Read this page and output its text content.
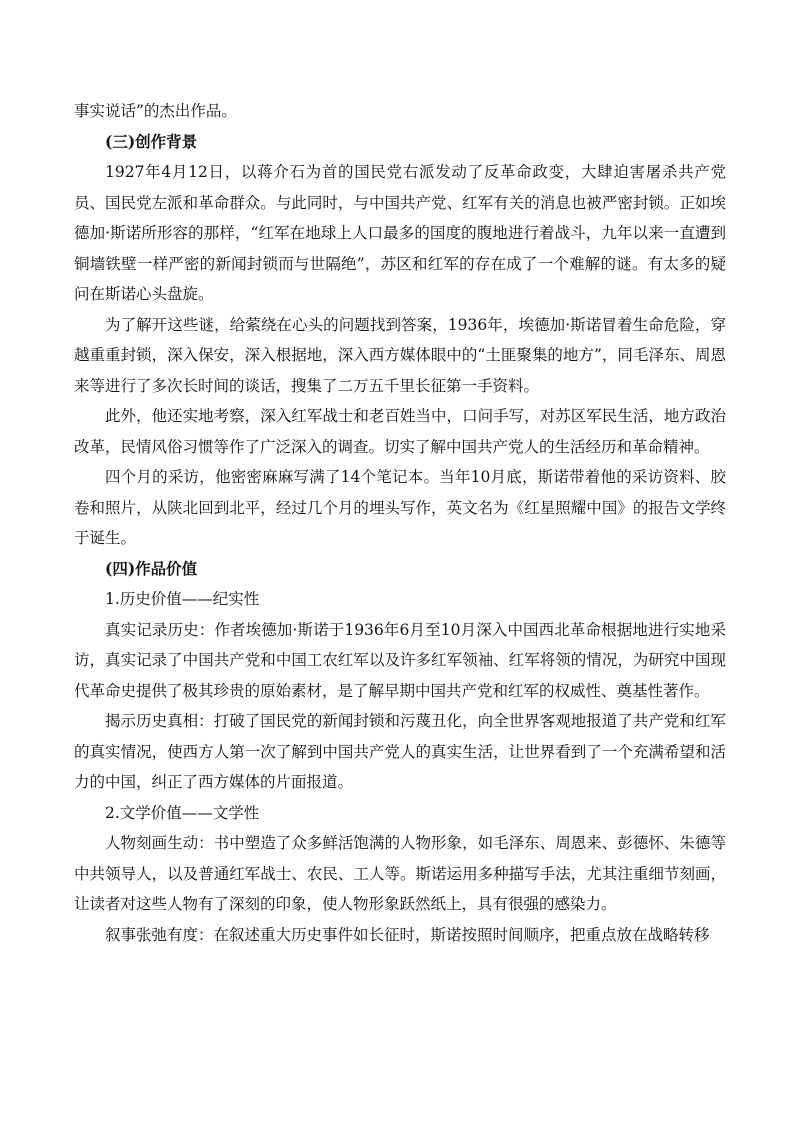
事实说话”的杰出作品。

(三)创作背景

1927年4月12日，以蒋介石为首的国民党右派发动了反革命政变，大肆迫害屠杀共产党员、国民党左派和革命群众。与此同时，与中国共产党、红军有关的消息也被严密封锁。正如埃德加·斯诺所形容的那样，“红军在地球上人口最多的国度的腹地进行着战斗，九年以来一直遭到铜墙铁壁一样严密的新闻封锁而与世隔绝”，苏区和红军的存在成了一个难解的谜。有太多的疑问在斯诺心头盘旋。

为了解开这些谜，给萦绕在心头的问题找到答案，1936年，埃德加·斯诺冒着生命危险，穿越重重封锁，深入保安，深入根据地，深入西方媒体眼中的“土匪聚集的地方”，同毛泽东、周恩来等进行了多次长时间的谈话，搜集了二万五千里长征第一手资料。

此外，他还实地考察，深入红军战士和老百姓当中，口问手写，对苏区军民生活，地方政治改革，民情风俗习惯等作了广泛深入的调查。切实了解中国共产党人的生活经历和革命精神。

四个月的采访，他密密麻麻写满了14个笔记本。当年10月底，斯诺带着他的采访资料、胶卷和照片，从陕北回到北平，经过几个月的埋头写作，英文名为《红星照耀中国》的报告文学终于诞生。

(四)作品价值

1.历史价值——纪实性

真实记录历史：作者埃德加·斯诺于1936年6月至10月深入中国西北革命根据地进行实地采访，真实记录了中国共产党和中国工农红军以及许多红军领袖、红军将领的情况，为研究中国现代革命史提供了极其珍贵的原始素材，是了解早期中国共产党和红军的权威性、奠基性著作。

揭示历史真相：打破了国民党的新闻封锁和污蔑丑化，向全世界客观地报道了共产党和红军的真实情况，使西方人第一次了解到中国共产党人的真实生活，让世界看到了一个充满希望和活力的中国，纠正了西方媒体的片面报道。

2.文学价值——文学性

人物刻画生动：书中塑造了众多鲜活饱满的人物形象，如毛泽东、周恩来、彭德怀、朱德等中共领导人，以及普通红军战士、农民、工人等。斯诺运用多种描写手法，尤其注重细节刻画，让读者对这些人物有了深刻的印象，使人物形象跃然纸上，具有很强的感染力。

叙事张弛有度：在叙述重大历史事件如长征时，斯诺按照时间顺序，把重点放在战略转移
